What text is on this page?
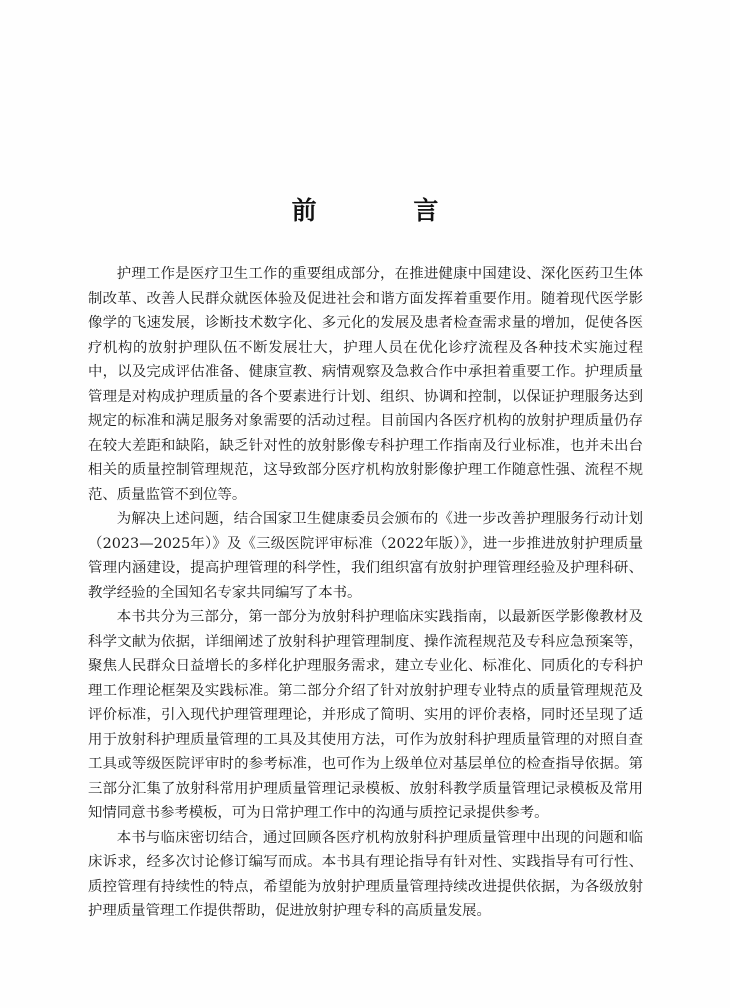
前 言

护理工作是医疗卫生工作的重要组成部分，在推进健康中国建设、深化医药卫生体制改革、改善人民群众就医体验及促进社会和谐方面发挥着重要作用。随着现代医学影像学的飞速发展，诊断技术数字化、多元化的发展及患者检查需求量的增加，促使各医疗机构的放射护理队伍不断发展壮大，护理人员在优化诊疗流程及各种技术实施过程中，以及完成评估准备、健康宣教、病情观察及急救合作中承担着重要工作。护理质量管理是对构成护理质量的各个要素进行计划、组织、协调和控制，以保证护理服务达到规定的标准和满足服务对象需要的活动过程。目前国内各医疗机构的放射护理质量仍存在较大差距和缺陷，缺乏针对性的放射影像专科护理工作指南及行业标准，也并未出台相关的质量控制管理规范，这导致部分医疗机构放射影像护理工作随意性强、流程不规范、质量监管不到位等。

为解决上述问题，结合国家卫生健康委员会颁布的《进一步改善护理服务行动计划（2023—2025年）》及《三级医院评审标准（2022年版）》，进一步推进放射护理质量管理内涵建设，提高护理管理的科学性，我们组织富有放射护理管理经验及护理科研、教学经验的全国知名专家共同编写了本书。

本书共分为三部分，第一部分为放射科护理临床实践指南，以最新医学影像教材及科学文献为依据，详细阐述了放射科护理管理制度、操作流程规范及专科应急预案等，聚焦人民群众日益增长的多样化护理服务需求，建立专业化、标准化、同质化的专科护理工作理论框架及实践标准。第二部分介绍了针对放射护理专业特点的质量管理规范及评价标准，引入现代护理管理理论，并形成了简明、实用的评价表格，同时还呈现了适用于放射科护理质量管理的工具及其使用方法，可作为放射科护理质量管理的对照自查工具或等级医院评审时的参考标准，也可作为上级单位对基层单位的检查指导依据。第三部分汇集了放射科常用护理质量管理记录模板、放射科教学质量管理记录模板及常用知情同意书参考模板，可为日常护理工作中的沟通与质控记录提供参考。

本书与临床密切结合，通过回顾各医疗机构放射科护理质量管理中出现的问题和临床诉求，经多次讨论修订编写而成。本书具有理论指导有针对性、实践指导有可行性、质控管理有持续性的特点，希望能为放射护理质量管理持续改进提供依据，为各级放射护理质量管理工作提供帮助，促进放射护理专科的高质量发展。
